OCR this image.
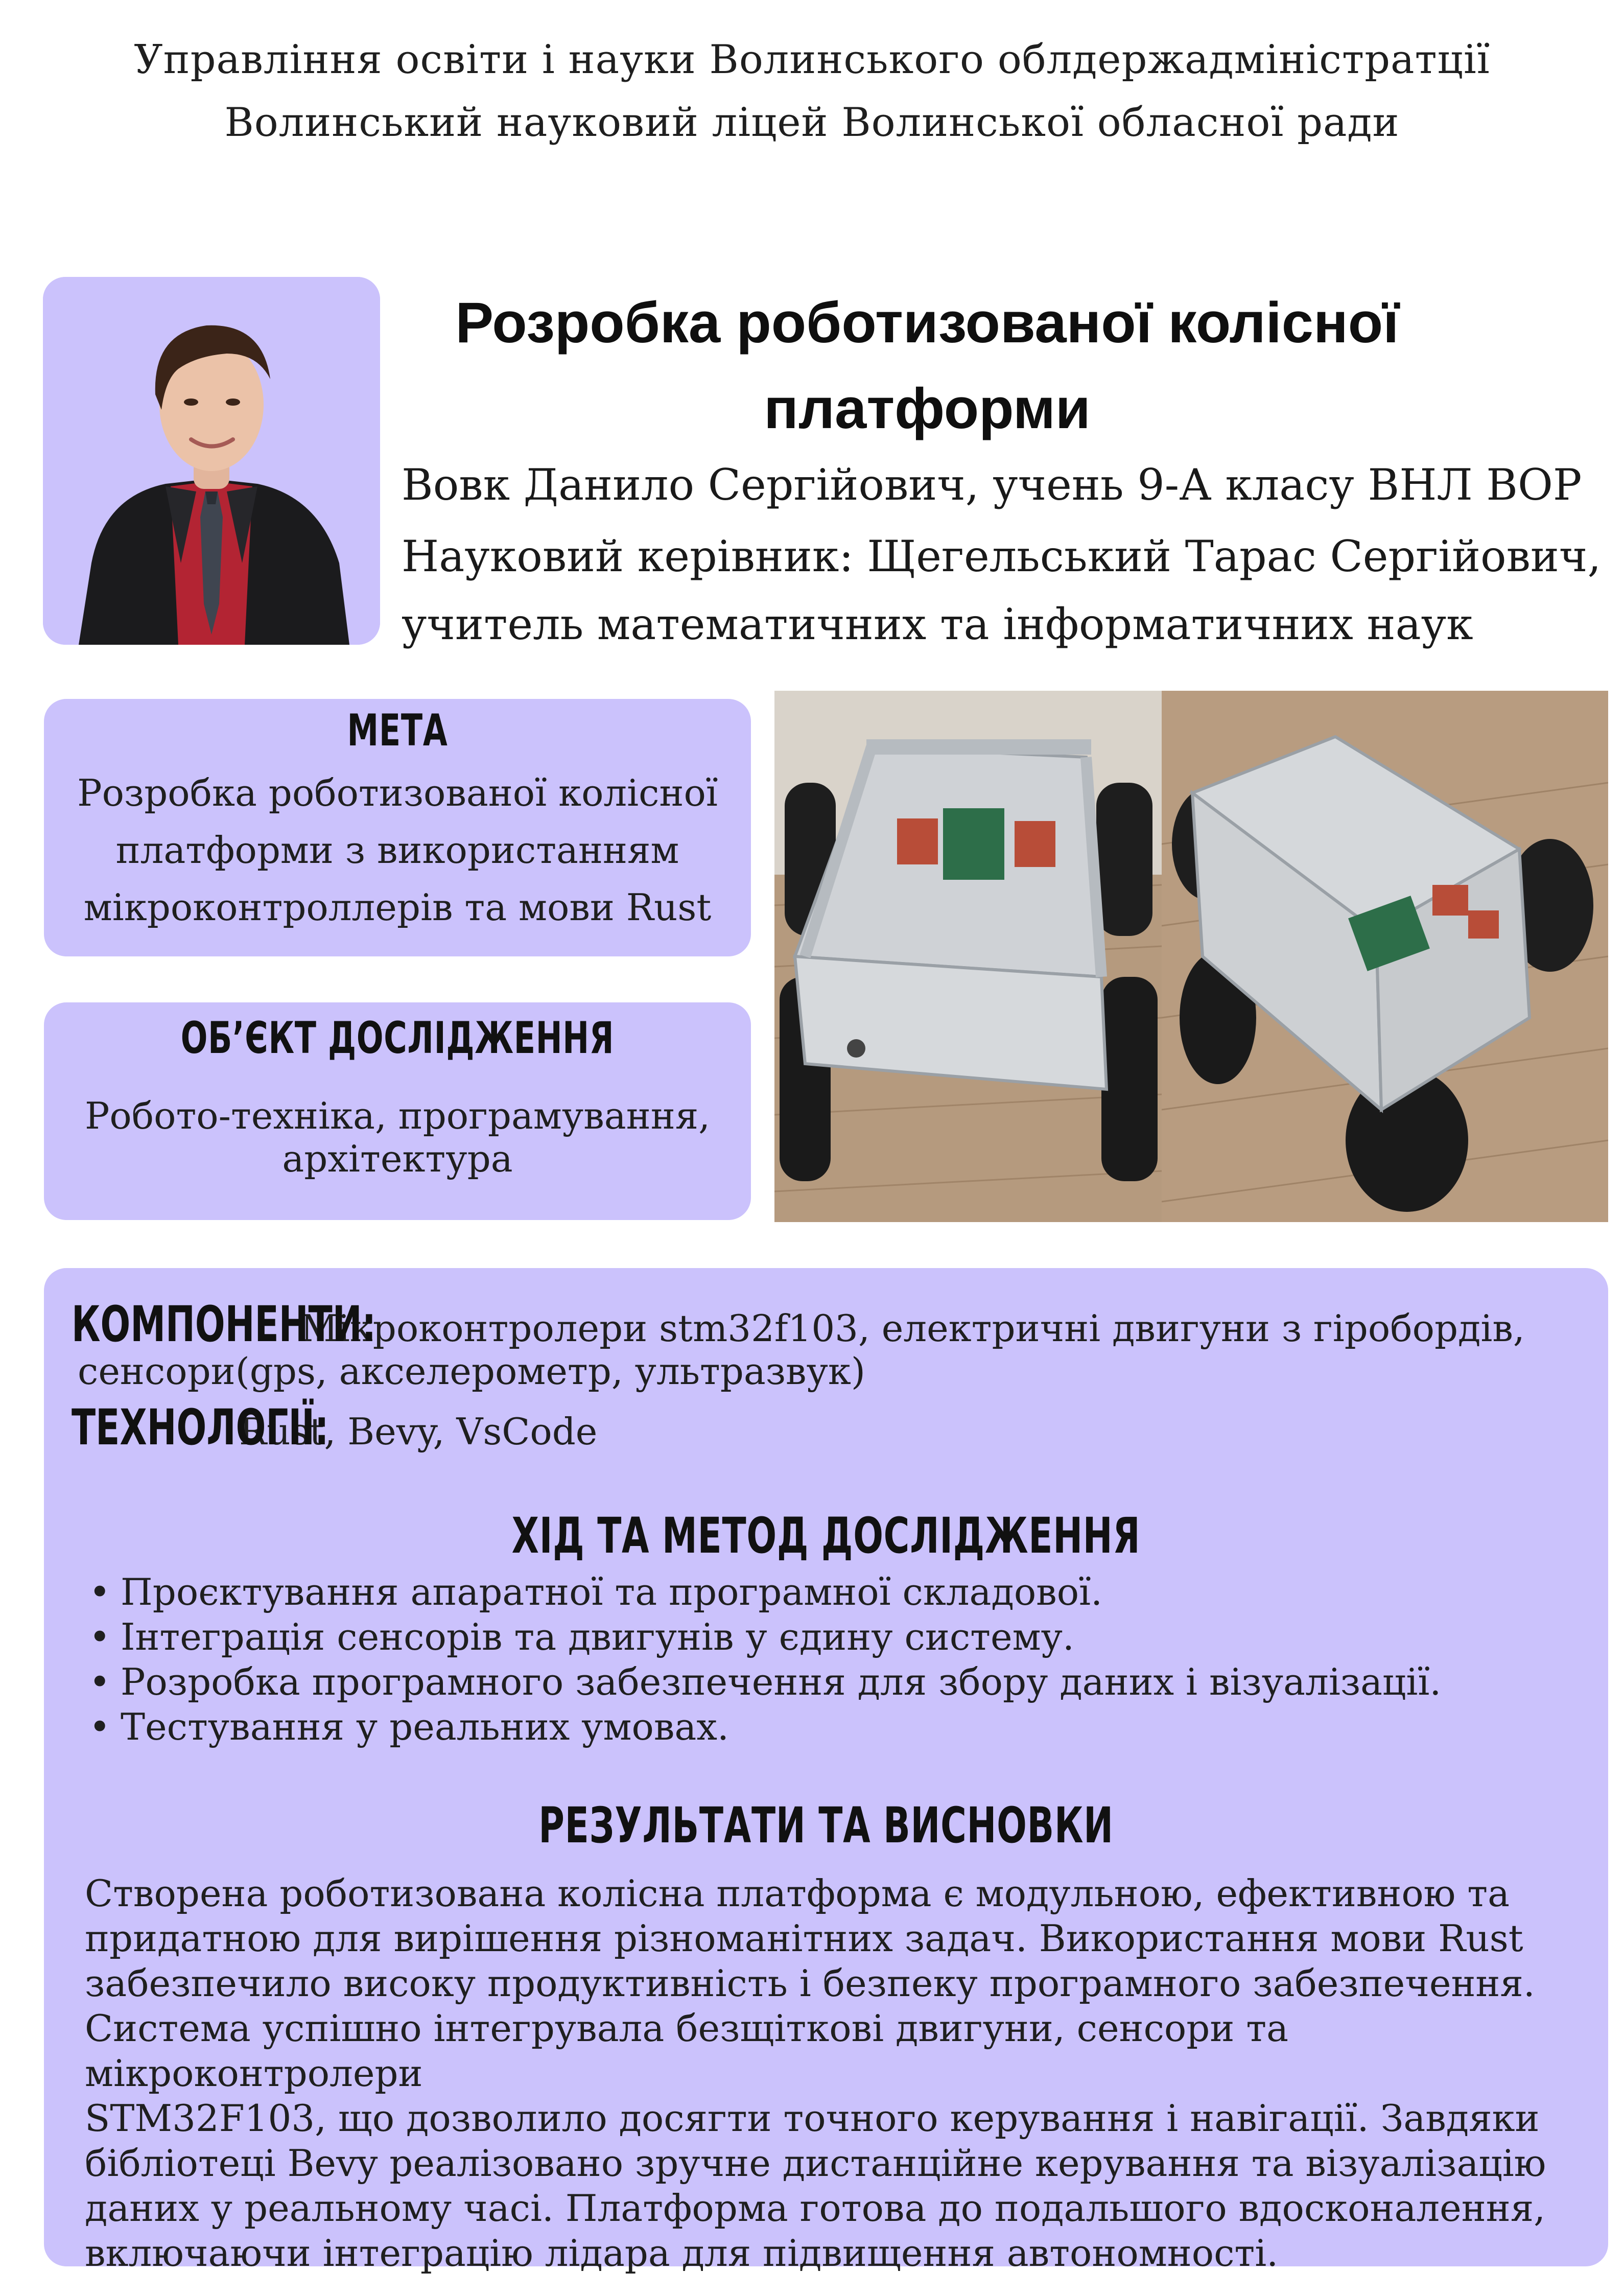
Управління освіти і науки Волинського облдержадміністратції
Волинський науковий ліцей Волинської обласної ради
Розробка роботизованої колісної платформи
Вовк Данило Сергійович, учень 9-А класу ВНЛ ВОР
Науковий керівник: Щегельський Тарас Сергійович,
учитель математичних та інформатичних наук
МЕТА
Розробка роботизованої колісної платформи з використанням мікроконтроллерів та мови Rust
ОБ’ЄКТ ДОСЛІДЖЕННЯ
Робото-техніка, програмування, архітектура
КОМПОНЕНТИ:Мікроконтролери stm32f103, електричні двигуни з гіробордів,
сенсори(gps, акселерометр, ультразвук)
ТЕХНОЛОГІЇ:Rust, Bevy, VsCode
ХІД ТА МЕТОД ДОСЛІДЖЕННЯ
• Проєктування апаратної та програмної складової.
• Інтеграція сенсорів та двигунів у єдину систему.
• Розробка програмного забезпечення для збору даних і візуалізації.
• Тестування у реальних умовах.
РЕЗУЛЬТАТИ ТА ВИСНОВКИ
Створена роботизована колісна платформа є модульною, ефективною та
придатною для вирішення різноманітних задач. Використання мови Rust
забезпечило високу продуктивність і безпеку програмного забезпечення.
Система успішно інтегрувала безщіткові двигуни, сенсори та мікроконтролери
STM32F103, що дозволило досягти точного керування і навігації. Завдяки
бібліотеці Bevy реалізовано зручне дистанційне керування та візуалізацію
даних у реальному часі. Платформа готова до подальшого вдосконалення,
включаючи інтеграцію лідара для підвищення автономності.
